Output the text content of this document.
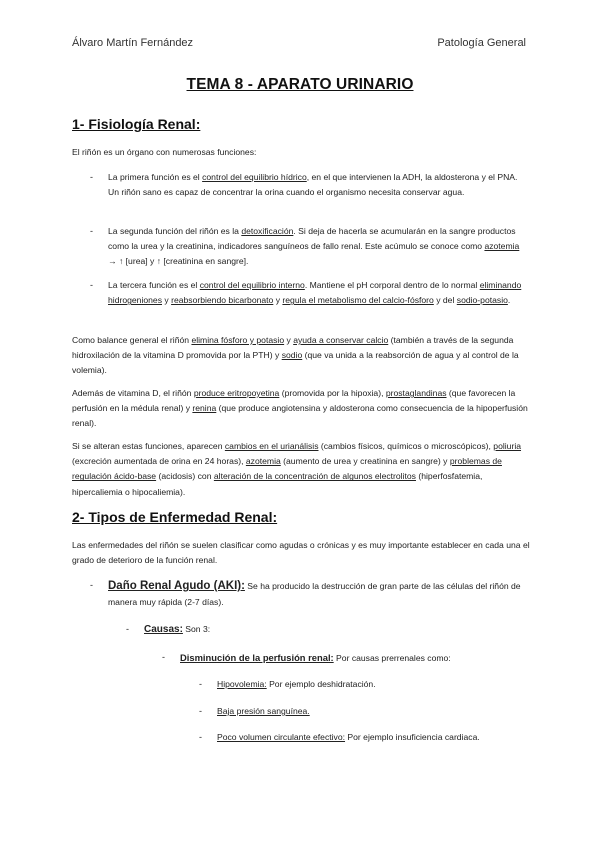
Álvaro Martín Fernández	Patología General
TEMA 8 - APARATO URINARIO
1- Fisiología Renal:
El riñón es un órgano con numerosas funciones:
- La primera función es el control del equilibrio hídrico, en el que intervienen la ADH, la aldosterona y el PNA. Un riñón sano es capaz de concentrar la orina cuando el organismo necesita conservar agua.
- La segunda función del riñón es la detoxificación. Si deja de hacerla se acumularán en la sangre productos como la urea y la creatinina, indicadores sanguíneos de fallo renal. Este acúmulo se conoce como azotemia → ↑ [urea] y ↑ [creatinina en sangre].
- La tercera función es el control del equilibrio interno. Mantiene el pH corporal dentro de lo normal eliminando hidrogeniones y reabsorbiendo bicarbonato y regula el metabolismo del calcio-fósforo y del sodio-potasio.
Como balance general el riñón elimina fósforo y potasio y ayuda a conservar calcio (también a través de la segunda hidroxilación de la vitamina D promovida por la PTH) y sodio (que va unida a la reabsorción de agua y al control de la volemia).
Además de vitamina D, el riñón produce eritropoyetina (promovida por la hipoxia), prostaglandinas (que favorecen la perfusión en la médula renal) y renina (que produce angiotensina y aldosterona como consecuencia de la hipoperfusión renal).
Si se alteran estas funciones, aparecen cambios en el urianálisis (cambios físicos, químicos o microscópicos), poliuria (excreción aumentada de orina en 24 horas), azotemia (aumento de urea y creatinina en sangre) y problemas de regulación ácido-base (acidosis) con alteración de la concentración de algunos electrolitos (hiperfosfatemia, hipercaliemia o hipocaliemia).
2- Tipos de Enfermedad Renal:
Las enfermedades del riñón se suelen clasificar como agudas o crónicas y es muy importante establecer en cada una el grado de deterioro de la función renal.
- Daño Renal Agudo (AKI): Se ha producido la destrucción de gran parte de las células del riñón de manera muy rápida (2-7 días).
- Causas: Son 3:
- Disminución de la perfusión renal: Por causas prerrenales como:
- Hipovolemia: Por ejemplo deshidratación.
- Baja presión sanguínea.
- Poco volumen circulante efectivo: Por ejemplo insuficiencia cardiaca.
